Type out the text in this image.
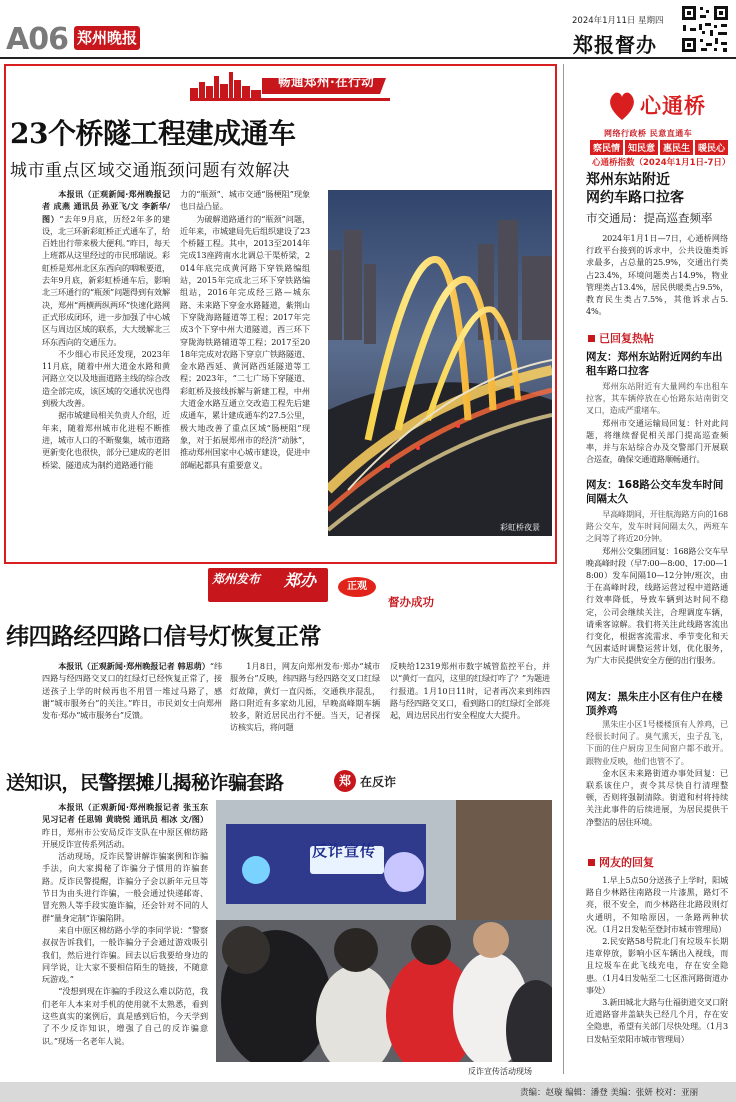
A06 郑州晚报
2024年1月11日 星期四
郑报督办
畅通郑州·在行动
23个桥隧工程建成通车
城市重点区域交通瓶颈问题有效解决

本报讯（正观新闻·郑州晚报记者 成燕 通讯员 孙亚飞/文 李新华/图）“去年9月底，历经2年多的建设，北三环新彩虹桥正式通车了，给百姓出行带来极大便利。”昨日，每天上班都从这里经过的市民邢瑞说。彩虹桥是郑州北区东西向的咽喉要道，去年9月底，新彩虹桥通车后，影响北三环通行的“瓶颈”问题得到有效解决，郑州“两横两纵两环”快速化路网正式形成闭环，进一步加强了中心城区与周边区域的联系，大大缓解北三环东西向的交通压力。

不少细心市民还发现，2023年11月底，随着中州大道金水路和黄河路立交以及地面道路主线的综合改造全部完成，该区域的交通状况也得到极大改善。

据市城建局相关负责人介绍，近年来，随着郑州城市化进程不断推进，城市人口的不断聚集，城市道路更新变化也很快，部分已建成的老旧桥梁、隧道成为制约道路通行能

力的“瓶颈”、城市交通“肠梗阻”现象也日益凸显。

为破解道路通行的“瓶颈”问题，近年来，市城建局先后组织建设了23个桥隧工程。其中，2013至2014年完成13座跨南水北调总干渠桥梁，2014年底完成黄河路下穿铁路编组站，2015年完成北三环下穿铁路编组站，2016年完成经三路—城东路、未来路下穿金水路隧道，紫荆山下穿陇海路隧道等工程；2017年完成3个下穿中州大道隧道，西三环下穿陇海铁路辅道等工程；2017至2018年完成对农路下穿京广铁路隧道、金水路西延、黄河路西延隧道等工程；2023年，“二七广场下穿隧道、彩虹桥及接线拆解与新建工程，中州大道金水路互通立交改造工程先后建成通车，累计建成通车约27.5公里，极大地改善了重点区域“肠梗阻”现象，对于拓展郑州市的经济“动脉”，推动郑州国家中心城市建设，促进中部崛起都具有重要意义。

彩虹桥夜景
郑州发布 郑办	正观
督办成功
纬四路经四路口信号灯恢复正常

本报讯（正观新闻·郑州晚报记者 韩思萌）“纬四路与经四路交叉口的红绿灯已经恢复正常了，接送孩子上学的时候再也不用冒一堆过马路了，感谢“城市服务台”的关注。”昨日，市民刘女士向郑州发布·郑办“城市服务台”反馈。

1月8日，网友向郑州发布·郑办“城市服务台”反映，纬四路与经四路交叉口红绿灯故障，黄灯一直闪烁，交通秩序混乱，路口附近有多家幼儿园，早晚高峰期车辆较多，附近居民出行不便。当天，记者探访核实后，将问题

反映给12319郑州市数字城管监控平台，并以“黄灯一直闪，这里的红绿灯咋了？”为题进行报道。1月10日11时，记者再次来到纬四路与经四路交叉口，看到路口的红绿灯全部亮起，周边居民出行安全程度大大提升。

送知识，民警摆摊儿揭秘诈骗套路	郑 在反诈

本报讯（正观新闻·郑州晚报记者 张玉东 见习记者 任思锦 黄晓悦 通讯员 相冰 文/图）昨日，郑州市公安局反诈支队在中原区棉纺路开展反诈宣传系列活动。

活动现场，反诈民警讲解诈骗案例和诈骗手法，向大家揭秘了诈骗分子惯用的诈骗套路。反诈民警提醒，诈骗分子会以新年元旦等节日为由头进行诈骗，一般会通过快递邮寄、冒充熟人等手段实施诈骗，还会针对不同的人群“量身定制”诈骗陷阱。

来自中原区棉纺路小学的李同学说：“警察叔叔告诉我们，一般诈骗分子会通过游戏吸引我们，然后进行诈骗。回去以后我要给身边的同学说，让大家不要相信陌生的链接，不随意玩游戏。”

“没想到现在诈骗的手段这么难以防范，我们老年人本来对手机的使用就不太熟悉，看到这些真实的案例后，真是感到后怕，今天学到了不少反诈知识，增强了自己的反诈骗意识。”现场一名老年人说。

反诈宣传
反诈宣传活动现场
心通桥
网络行政桥 民意直通车
察民情 知民意 惠民生 暖民心
心通桥指数（2024年1月1日-7日）
郑州东站附近
网约车路口拉客
市交通局：提高巡查频率

2024年1月1日—7日，心通桥网络行政平台接到的诉求中，公共设施类诉求最多，占总量的25.9%，交通出行类占23.4%，环境问题类占14.9%，物业管理类占13.4%，居民供暖类占9.5%，教育民生类占7.5%，其他诉求占5.4%。

已回复热帖
网友：郑州东站附近网约车出租车路口拉客

郑州东站附近有大量网约车出租车拉客，其车辆停放在心怡路东站南街交叉口，造成严重堵车。

郑州市交通运输局回复：针对此问题，将继续督促相关部门提高巡查频率，并与东站综合办及交警部门开展联合巡查，确保交通道路顺畅通行。

网友：168路公交车发车时间间隔太久

早高峰期间，开往航海路方向的168路公交车，发车时间间隔太久，两班车之间等了将近20分钟。

郑州公交集团回复：168路公交车早晚高峰时段（早7:00—8:00、17:00—18:00）发车间隔10—12分钟/班次，由于在高峰时段，线路运营过程中道路通行效率降低，导致车辆到达时间不稳定，公司会继续关注，合理调度车辆，请乘客谅解。我们将关注此线路客流出行变化，根据客流需求、季节变化和天气因素适时调整运营计划，优化服务，为广大市民提供安全方便的出行服务。

网友：黑朱庄小区有住户在楼顶养鸡

黑朱庄小区1号楼楼顶有人养鸡，已经很长时间了。臭气熏天，虫子乱飞，下面的住户厨房卫生间窗户都不敢开。跟物业反映，他们也管不了。

金水区未来路街道办事处回复：已联系该住户，责令其尽快自行清理整顿，否则将强制清除。街道和村将持续关注此事件的后续进展，为居民提供干净整洁的居住环境。

网友的回复

1.早上5点50分送孩子上学时，阳城路自少林路往南路段一片漆黑，路灯不亮，很不安全，而少林路往北路段则灯火通明，不知啥原因，一条路两种状况。（1月2日发帖至登封市城市管理局）

2.民安路58号院北门有垃圾车长期违章停放，影响小区车辆出入视线，而且垃圾车在此飞线充电，存在安全隐患。（1月4日发帖至二七区淮河路街道办事处）

3.新田城北大路与仕福街道交叉口附近道路窨井盖缺失已经几个月，存在安全隐患，希望有关部门尽快处理。（1月3日发帖至荥阳市城市管理局）

责编：赵璇 编辑：潘登 美编：张妍 校对：亚丽
